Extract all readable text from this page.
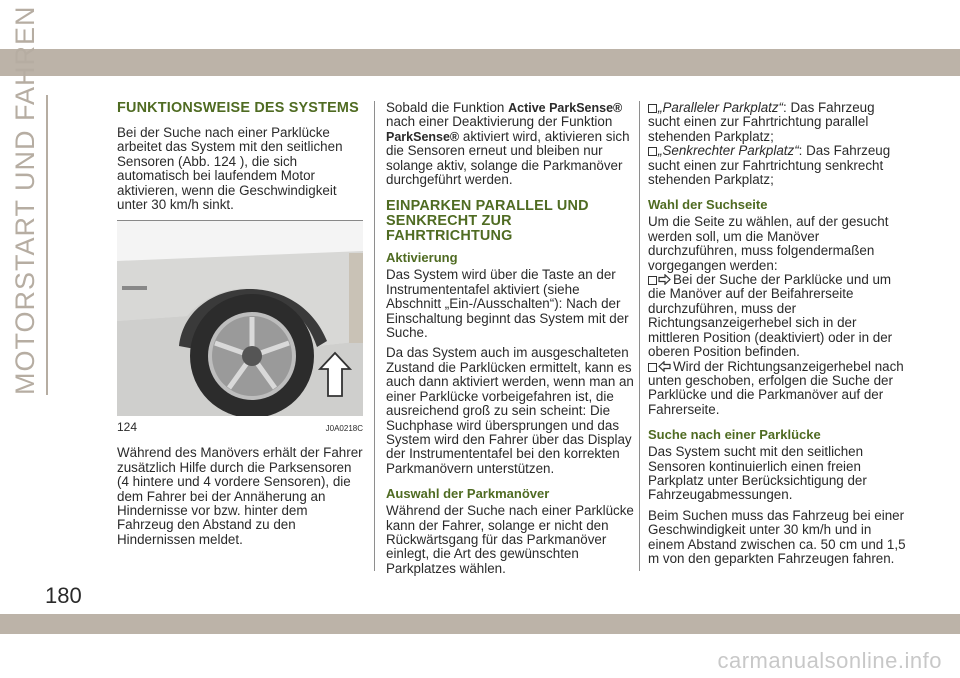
MOTORSTART UND FAHREN	FUNKTIONSWEISE DES SYSTEMS
Bei der Suche nach einer Parklücke arbeitet das System mit den seitlichen Sensoren (Abb. 124 ), die sich automatisch bei laufendem Motor aktivieren, wenn die Geschwindigkeit unter 30 km/h sinkt.
124	J0A0218C
Während des Manövers erhält der Fahrer zusätzlich Hilfe durch die Parksensoren (4 hintere und 4 vordere Sensoren), die dem Fahrer bei der Annäherung an Hindernisse vor bzw. hinter dem Fahrzeug den Abstand zu den Hindernissen meldet.
Sobald die Funktion Active ParkSense® nach einer Deaktivierung der Funktion ParkSense® aktiviert wird, aktivieren sich die Sensoren erneut und bleiben nur solange aktiv, solange die Parkmanöver durchgeführt werden.
EINPARKEN PARALLEL UND SENKRECHT ZUR FAHRTRICHTUNG
Aktivierung
Das System wird über die Taste an der Instrumententafel aktiviert (siehe Abschnitt „Ein-/Ausschalten“): Nach der Einschaltung beginnt das System mit der Suche.
Da das System auch im ausgeschalteten Zustand die Parklücken ermittelt, kann es auch dann aktiviert werden, wenn man an einer Parklücke vorbeigefahren ist, die ausreichend groß zu sein scheint: Die Suchphase wird übersprungen und das System wird den Fahrer über das Display der Instrumententafel bei den korrekten Parkmanövern unterstützen.
Auswahl der Parkmanöver
Während der Suche nach einer Parklücke kann der Fahrer, solange er nicht den Rückwärtsgang für das Parkmanöver einlegt, die Art des gewünschten Parkplatzes wählen.
„Paralleler Parkplatz“: Das Fahrzeug sucht einen zur Fahrtrichtung parallel stehenden Parkplatz;
„Senkrechter Parkplatz“: Das Fahrzeug sucht einen zur Fahrtrichtung senkrecht stehenden Parkplatz;
Wahl der Suchseite
Um die Seite zu wählen, auf der gesucht werden soll, um die Manöver durchzuführen, muss folgendermaßen vorgegangen werden:
Bei der Suche der Parklücke und um die Manöver auf der Beifahrerseite durchzuführen, muss der Richtungsanzeigerhebel sich in der mittleren Position (deaktiviert) oder in der oberen Position befinden.
Wird der Richtungsanzeigerhebel nach unten geschoben, erfolgen die Suche der Parklücke und die Parkmanöver auf der Fahrerseite.
Suche nach einer Parklücke
Das System sucht mit den seitlichen Sensoren kontinuierlich einen freien Parkplatz unter Berücksichtigung der Fahrzeugabmessungen.
Beim Suchen muss das Fahrzeug bei einer Geschwindigkeit unter 30 km/h und in einem Abstand zwischen ca. 50 cm und 1,5 m von den geparkten Fahrzeugen fahren.
180
carmanualsonline.info
